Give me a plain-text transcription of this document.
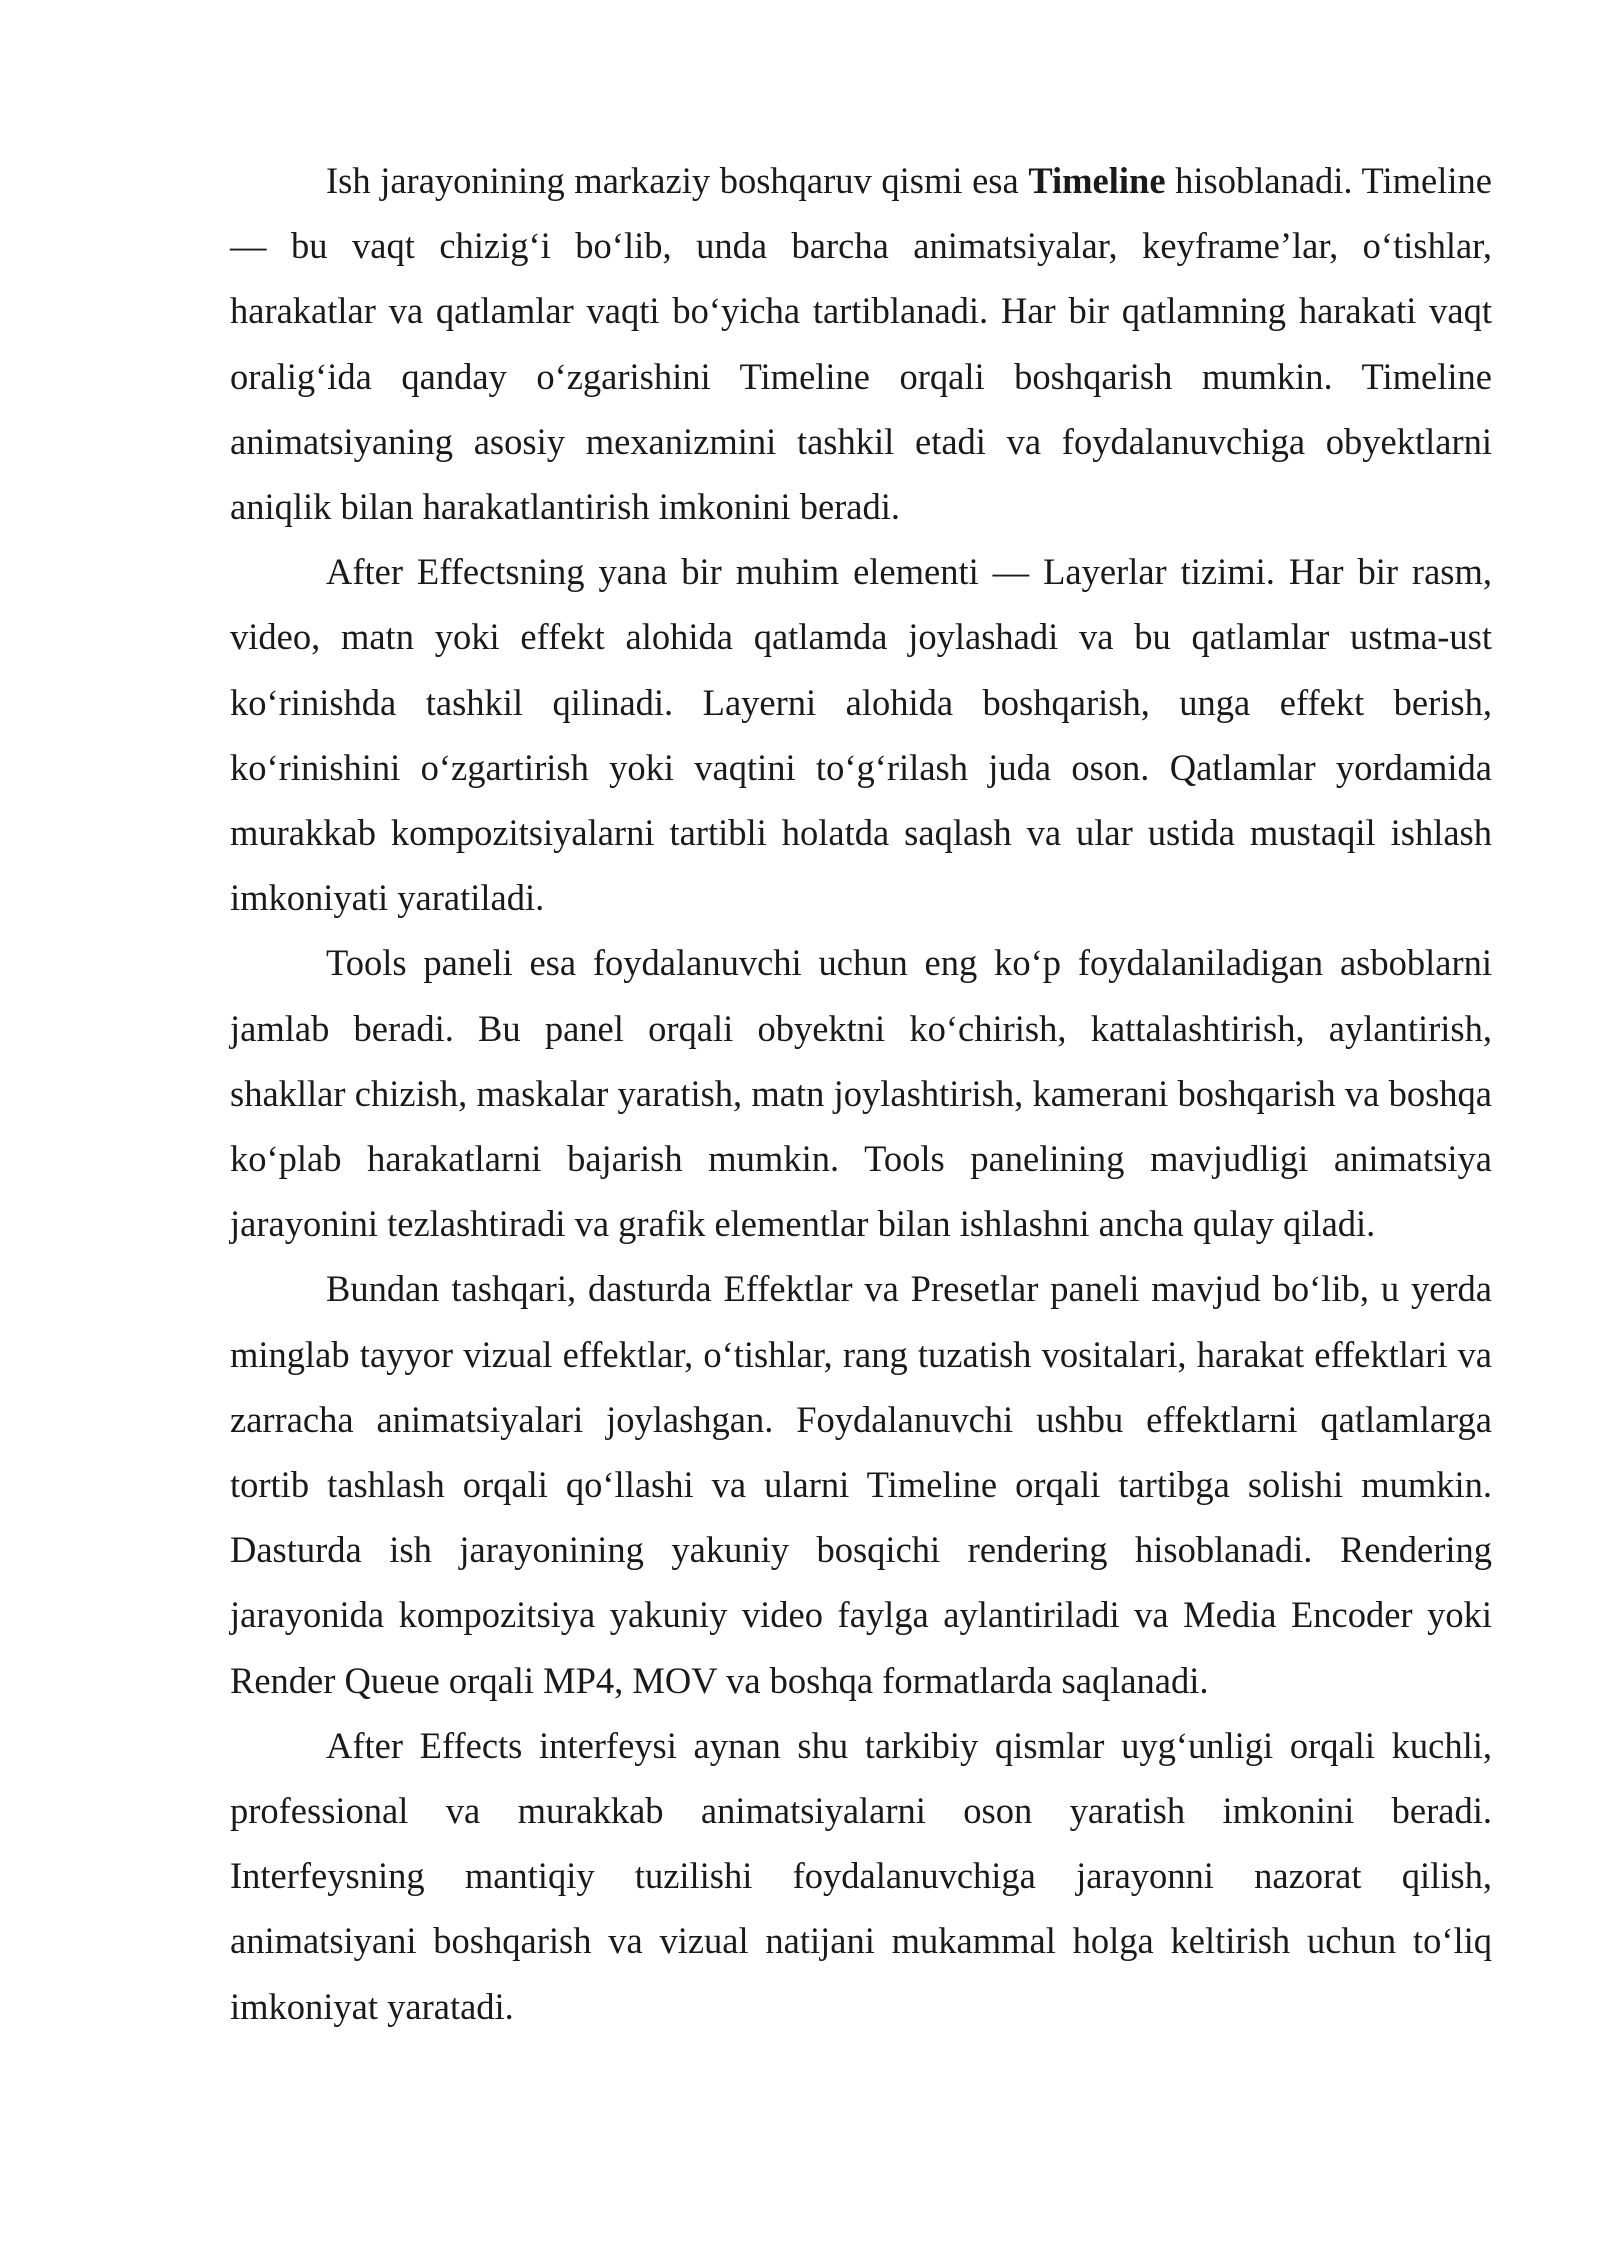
Ish jarayonining markaziy boshqaruv qismi esa Timeline hisoblanadi. Timeline — bu vaqt chizig‘i bo‘lib, unda barcha animatsiyalar, keyframe’lar, o‘tishlar, harakatlar va qatlamlar vaqti bo‘yicha tartiblanadi. Har bir qatlamning harakati vaqt oralig‘ida qanday o‘zgarishini Timeline orqali boshqarish mumkin. Timeline animatsiyaning asosiy mexanizmini tashkil etadi va foydalanuvchiga obyektlarni aniqlik bilan harakatlantirish imkonini beradi.

After Effectsning yana bir muhim elementi — Layerlar tizimi. Har bir rasm, video, matn yoki effekt alohida qatlamda joylashadi va bu qatlamlar ustma-ust ko‘rinishda tashkil qilinadi. Layerni alohida boshqarish, unga effekt berish, ko‘rinishini o‘zgartirish yoki vaqtini to‘g‘rilash juda oson. Qatlamlar yordamida murakkab kompozitsiyalarni tartibli holatda saqlash va ular ustida mustaqil ishlash imkoniyati yaratiladi.

Tools paneli esa foydalanuvchi uchun eng ko‘p foydalaniladigan asboblarni jamlab beradi. Bu panel orqali obyektni ko‘chirish, kattalashtirish, aylantirish, shakllar chizish, maskalar yaratish, matn joylashtirish, kamerani boshqarish va boshqa ko‘plab harakatlarni bajarish mumkin. Tools panelining mavjudligi animatsiya jarayonini tezlashtiradi va grafik elementlar bilan ishlashni ancha qulay qiladi.

Bundan tashqari, dasturda Effektlar va Presetlar paneli mavjud bo‘lib, u yerda minglab tayyor vizual effektlar, o‘tishlar, rang tuzatish vositalari, harakat effektlari va zarracha animatsiyalari joylashgan. Foydalanuvchi ushbu effektlarni qatlamlarga tortib tashlash orqali qo‘llashi va ularni Timeline orqali tartibga solishi mumkin. Dasturda ish jarayonining yakuniy bosqichi rendering hisoblanadi. Rendering jarayonida kompozitsiya yakuniy video faylga aylantiriladi va Media Encoder yoki Render Queue orqali MP4, MOV va boshqa formatlarda saqlanadi.

After Effects interfeysi aynan shu tarkibiy qismlar uyg‘unligi orqali kuchli, professional va murakkab animatsiyalarni oson yaratish imkonini beradi. Interfeysning mantiqiy tuzilishi foydalanuvchiga jarayonni nazorat qilish, animatsiyani boshqarish va vizual natijani mukammal holga keltirish uchun to‘liq imkoniyat yaratadi.
